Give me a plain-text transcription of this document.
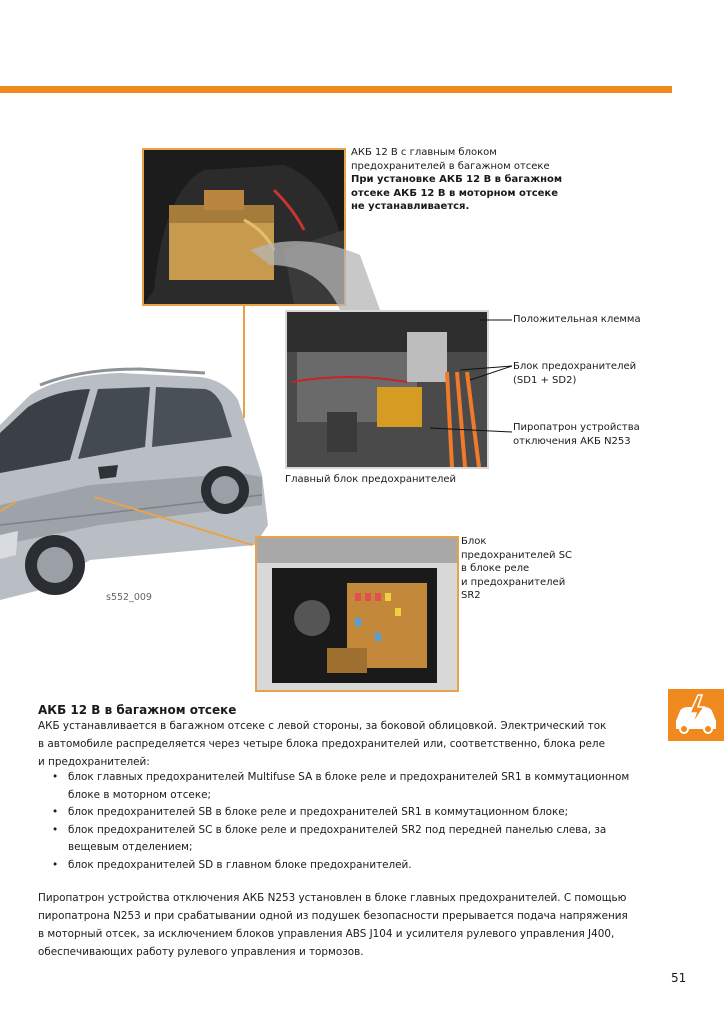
АКБ 12 В с главным блоком
предохранителей в багажном отсеке
При установке АКБ 12 В в багажном
отсеке АКБ 12 В в моторном отсеке
не устанавливается.
Положительная клемма
Блок предохранителей
(SD1 + SD2)
Пиропатрон устройства
отключения АКБ N253
Главный блок предохранителей
Блок
предохранителей SC
в блоке реле
и предохранителей
SR2
s552_009
АКБ 12 В в багажном отсеке
АКБ устанавливается в багажном отсеке с левой стороны, за боковой облицовкой. Электрический ток
в автомобиле распределяется через четыре блока предохранителей или, соответственно, блока реле
и предохранителей:
• блок главных предохранителей Multifuse SA в блоке реле и предохранителей SR1 в коммутационном блоке в моторном отсеке;
• блок предохранителей SB в блоке реле и предохранителей SR1 в коммутационном блоке;
• блок предохранителей SC в блоке реле и предохранителей SR2 под передней панелью слева, за вещевым отделением;
• блок предохранителей SD в главном блоке предохранителей.
Пиропатрон устройства отключения АКБ N253 установлен в блоке главных предохранителей. С помощью
пиропатрона N253 и при срабатывании одной из подушек безопасности прерывается подача напряжения
в моторный отсек, за исключением блоков управления ABS J104 и усилителя рулевого управления J400,
обеспечивающих работу рулевого управления и тормозов.
51
